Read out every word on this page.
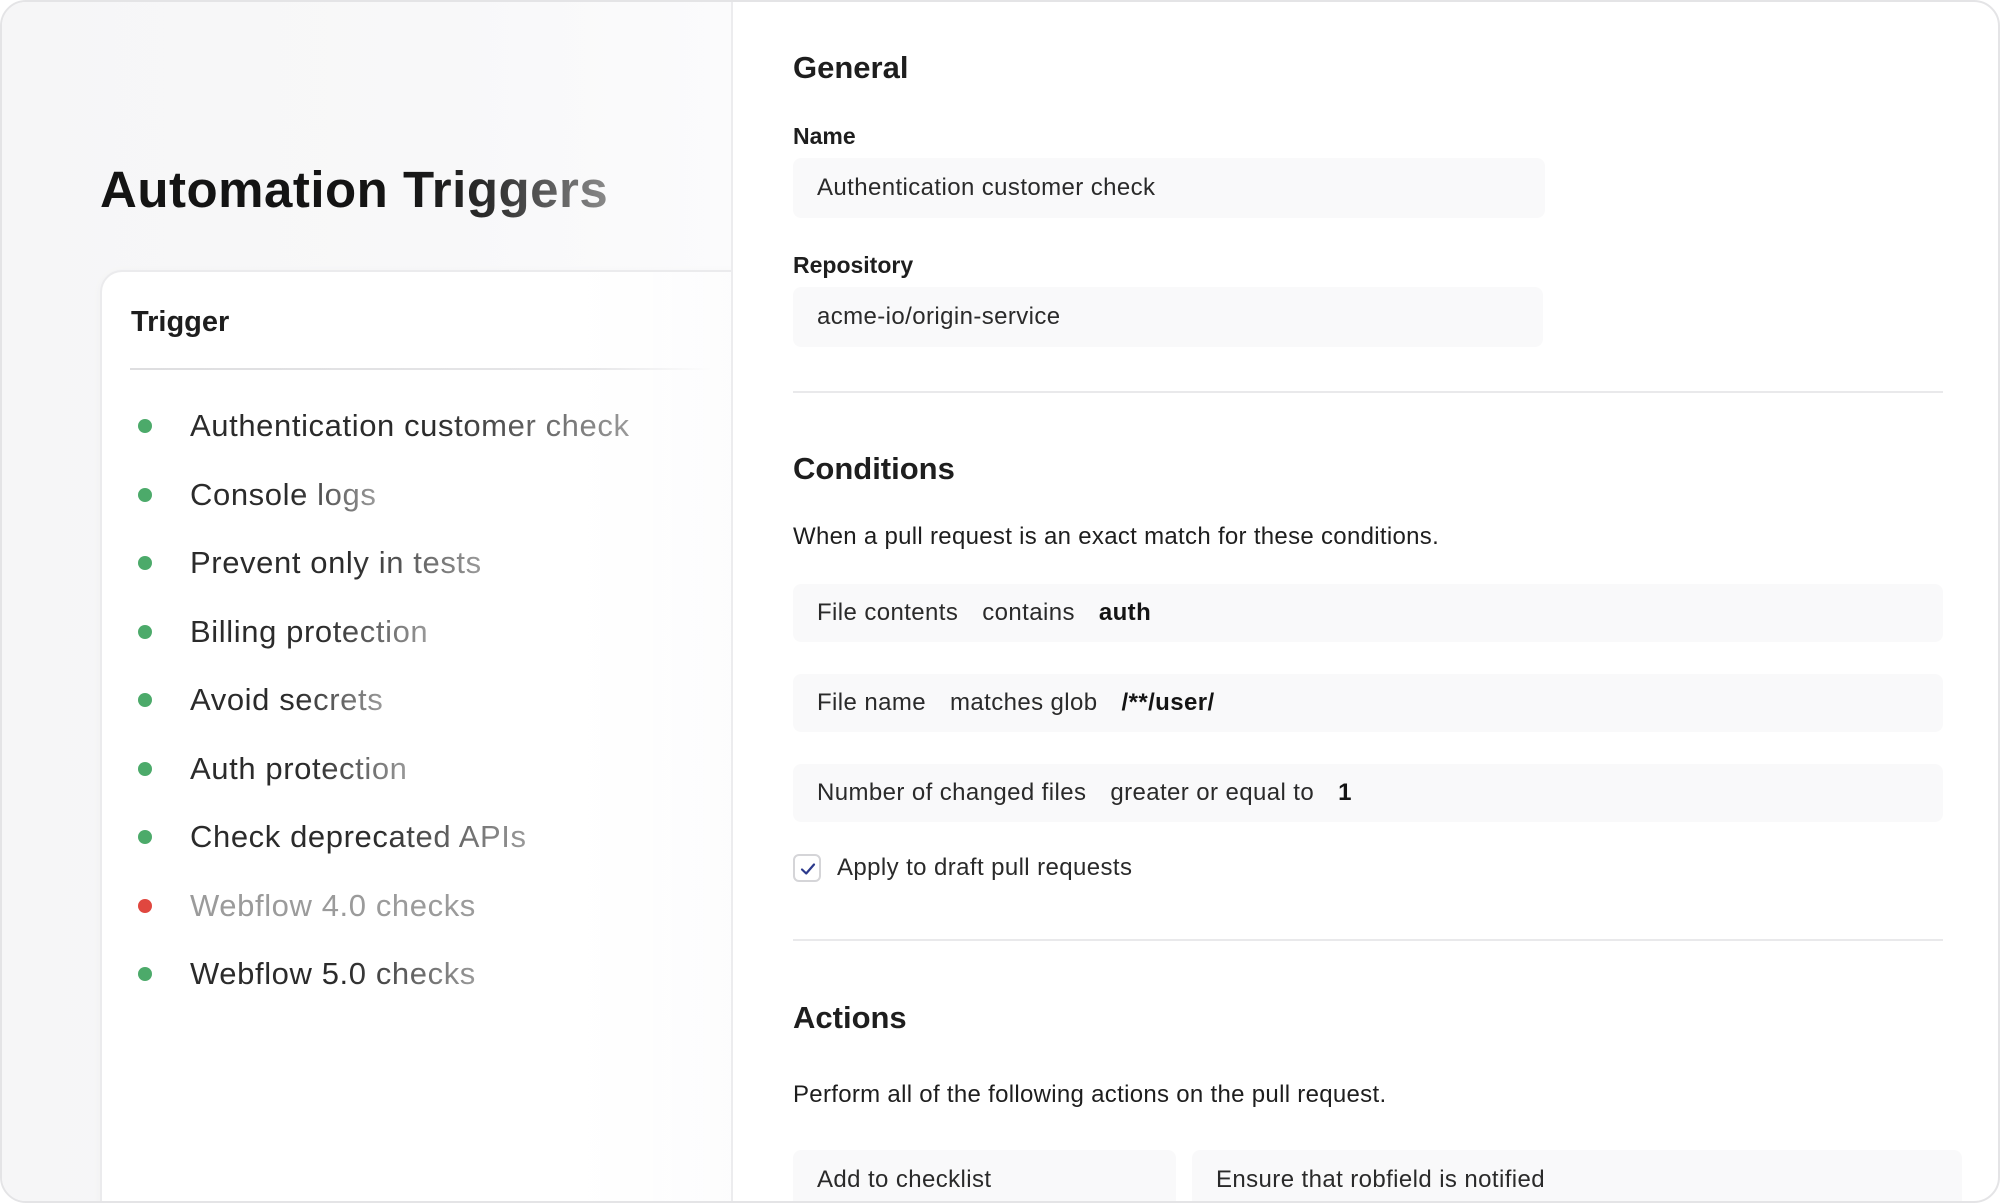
Automation Triggers
Trigger
Authentication customer check
Console logs
Prevent only in tests
Billing protection
Avoid secrets
Auth protection
Check deprecated APIs
Webflow 4.0 checks
Webflow 5.0 checks
General
Name
Authentication customer check
Repository
acme-io/origin-service
Conditions

When a pull request is an exact match for these conditions.

File contents contains auth
File name matches glob /**/user/
Number of changed files greater or equal to 1
Apply to draft pull requests
Actions

Perform all of the following actions on the pull request.

Add to checklist	Ensure that robfield is notified
